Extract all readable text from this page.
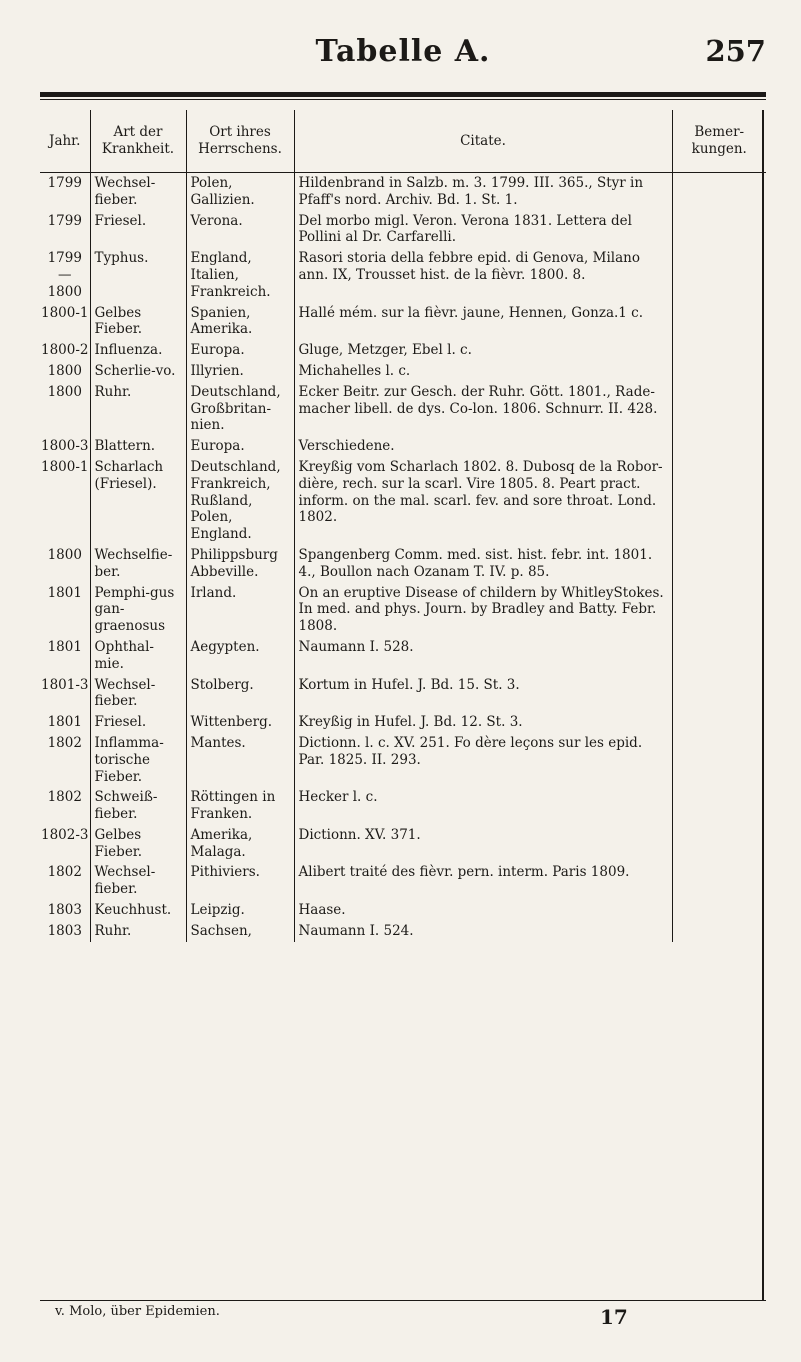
Tabelle A.	257
Jahr.	Art der Krankheit.	Ort ihres Herrschens.	Citate.	Bemer-kungen.
1799	Wechsel-fieber.	Polen, Gallizien.	Hildenbrand in Salzb. m. 3. 1799. III. 365., Styr in Pfaff's nord. Archiv. Bd. 1. St. 1.	
1799	Friesel.	Verona.	Del morbo migl. Veron. Verona 1831. Lettera del Pollini al Dr. Carfarelli.	
1799 — 1800	Typhus.	England, Italien, Frankreich.	Rasori storia della febbre epid. di Genova, Milano ann. IX, Trousset hist. de la fièvr. 1800. 8.	
1800-1	Gelbes Fieber.	Spanien, Amerika.	Hallé mém. sur la fièvr. jaune, Hennen, Gonza.1 c.	
1800-2	Influenza.	Europa.	Gluge, Metzger, Ebel l. c.	
1800	Scherlie-vo.	Illyrien.	Michahelles l. c.	
1800	Ruhr.	Deutschland, Großbritan-nien.	Ecker Beitr. zur Gesch. der Ruhr. Gött. 1801., Rade-macher libell. de dys. Co-lon. 1806. Schnurr. II. 428.	
1800-3	Blattern.	Europa.	Verschiedene.	
1800-1	Scharlach (Friesel).	Deutschland, Frankreich, Rußland, Polen, England.	Kreyßig vom Scharlach 1802. 8. Dubosq de la Robor-dière, rech. sur la scarl. Vire 1805. 8. Peart pract. inform. on the mal. scarl. fev. and sore throat. Lond. 1802.	
1800	Wechselfie-ber.	Philippsburg Abbeville.	Spangenberg Comm. med. sist. hist. febr. int. 1801. 4., Boullon nach Ozanam T. IV. p. 85.	
1801	Pemphi-gus gan-graenosus	Irland.	On an eruptive Disease of childern by WhitleyStokes. In med. and phys. Journ. by Bradley and Batty. Febr. 1808.	
1801	Ophthal-mie.	Aegypten.	Naumann I. 528.	
1801-3	Wechsel-fieber.	Stolberg.	Kortum in Hufel. J. Bd. 15. St. 3.	
1801	Friesel.	Wittenberg.	Kreyßig in Hufel. J. Bd. 12. St. 3.	
1802	Inflamma-torische Fieber.	Mantes.	Dictionn. l. c. XV. 251. Fo dère leçons sur les epid. Par. 1825. II. 293.	
1802	Schweiß-fieber.	Röttingen in Franken.	Hecker l. c.	
1802-3	Gelbes Fieber.	Amerika, Malaga.	Dictionn. XV. 371.	
1802	Wechsel-fieber.	Pithiviers.	Alibert traité des fièvr. pern. interm. Paris 1809.	
1803	Keuchhust.	Leipzig.	Haase.	
1803	Ruhr.	Sachsen,	Naumann I. 524.	
v. Molo, über Epidemien.	17
